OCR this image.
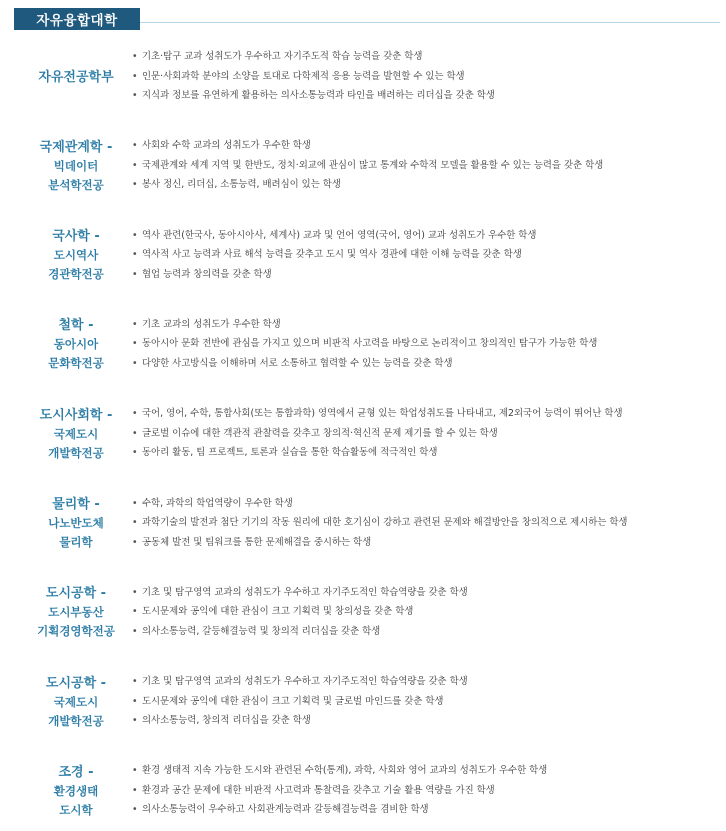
자유융합대학
자유전공학부
• 기초·탐구 교과 성취도가 우수하고 자기주도적 학습 능력을 갖춘 학생
• 인문·사회과학 분야의 소양을 토대로 다학제적 응용 능력을 발현할 수 있는 학생
• 지식과 정보를 유연하게 활용하는 의사소통능력과 타인을 배려하는 리더십을 갖춘 학생
국제관계학 -
빅데이터
분석학전공
• 사회와 수학 교과의 성취도가 우수한 학생
• 국제관계와 세계 지역 및 한반도, 정치·외교에 관심이 많고 통계와 수학적 모델을 활용할 수 있는 능력을 갖춘 학생
• 봉사 정신, 리더십, 소통능력, 배려심이 있는 학생
국사학 -
도시역사
경관학전공
• 역사 관련(한국사, 동아시아사, 세계사) 교과 및 언어 영역(국어, 영어) 교과 성취도가 우수한 학생
• 역사적 사고 능력과 사료 해석 능력을 갖추고 도시 및 역사 경관에 대한 이해 능력을 갖춘 학생
• 협업 능력과 창의력을 갖춘 학생
철학 -
동아시아
문화학전공
• 기초 교과의 성취도가 우수한 학생
• 동아시아 문화 전반에 관심을 가지고 있으며 비판적 사고력을 바탕으로 논리적이고 창의적인 탐구가 가능한 학생
• 다양한 사고방식을 이해하며 서로 소통하고 협력할 수 있는 능력을 갖춘 학생
도시사회학 -
국제도시
개발학전공
• 국어, 영어, 수학, 통합사회(또는 통합과학) 영역에서 균형 있는 학업성취도를 나타내고, 제2외국어 능력이 뛰어난 학생
• 글로벌 이슈에 대한 객관적 관찰력을 갖추고 창의적·혁신적 문제 제기를 할 수 있는 학생
• 동아리 활동, 팀 프로젝트, 토론과 실습을 통한 학습활동에 적극적인 학생
물리학 -
나노반도체
물리학
• 수학, 과학의 학업역량이 우수한 학생
• 과학기술의 발전과 첨단 기기의 작동 원리에 대한 호기심이 강하고 관련된 문제와 해결방안을 창의적으로 제시하는 학생
• 공동체 발전 및 팀워크를 통한 문제해결을 중시하는 학생
도시공학 -
도시부동산
기획경영학전공
• 기초 및 탐구영역 교과의 성취도가 우수하고 자기주도적인 학습역량을 갖춘 학생
• 도시문제와 공익에 대한 관심이 크고 기획력 및 창의성을 갖춘 학생
• 의사소통능력, 갈등해결능력 및 창의적 리더십을 갖춘 학생
도시공학 -
국제도시
개발학전공
• 기초 및 탐구영역 교과의 성취도가 우수하고 자기주도적인 학습역량을 갖춘 학생
• 도시문제와 공익에 대한 관심이 크고 기획력 및 글로벌 마인드를 갖춘 학생
• 의사소통능력, 창의적 리더십을 갖춘 학생
조경 -
환경생태
도시학
• 환경 생태적 지속 가능한 도시와 관련된 수학(통계), 과학, 사회와 영어 교과의 성취도가 우수한 학생
• 환경과 공간 문제에 대한 비판적 사고력과 통찰력을 갖추고 기술 활용 역량을 가진 학생
• 의사소통능력이 우수하고 사회관계능력과 갈등해결능력을 겸비한 학생
